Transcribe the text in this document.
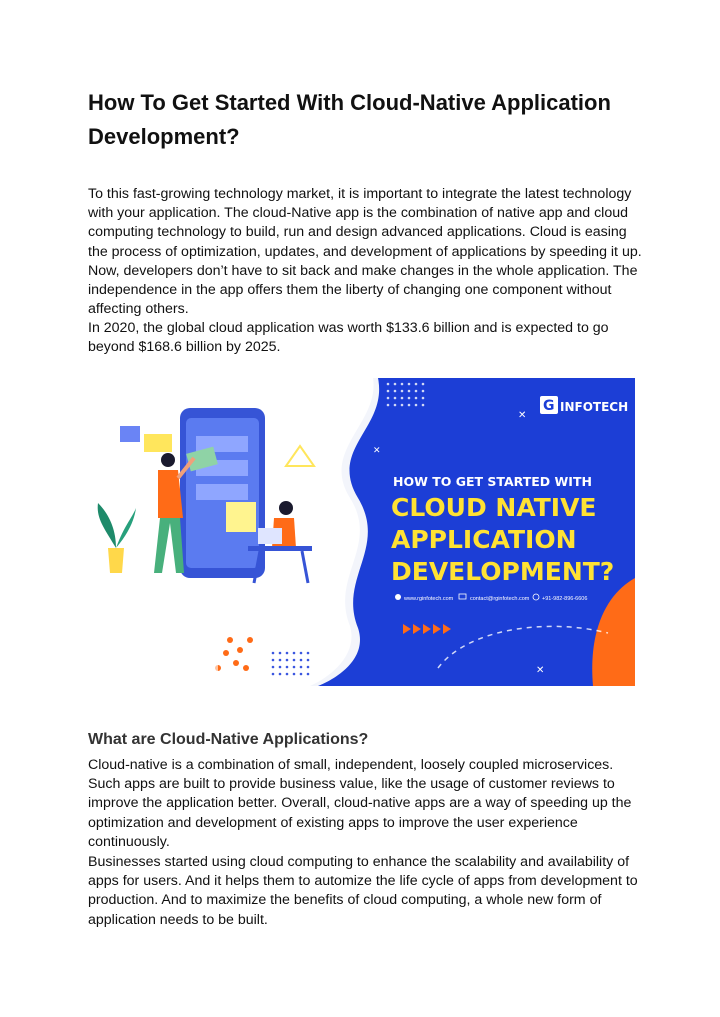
How To Get Started With Cloud-Native Application Development?
To this fast-growing technology market, it is important to integrate the latest technology with your application. The cloud-Native app is the combination of native app and cloud computing technology to build, run and design advanced applications. Cloud is easing the process of optimization, updates, and development of applications by speeding it up. Now, developers don’t have to sit back and make changes in the whole application. The independence in the app offers them the liberty of changing one component without affecting others.
In 2020, the global cloud application was worth $133.6 billion and is expected to go beyond $168.6 billion by 2025.
✕
✕
✕
G INFOTECH
HOW TO GET STARTED WITH
CLOUD NATIVE
APPLICATION
DEVELOPMENT?
www.rginfotech.com	contact@rginfotech.com +91-982-896-6606
What are Cloud-Native Applications?
Cloud-native is a combination of small, independent, loosely coupled microservices. Such apps are built to provide business value, like the usage of customer reviews to improve the application better. Overall, cloud-native apps are a way of speeding up the optimization and development of existing apps to improve the user experience continuously.
Businesses started using cloud computing to enhance the scalability and availability of apps for users. And it helps them to automize the life cycle of apps from development to production. And to maximize the benefits of cloud computing, a whole new form of application needs to be built.
